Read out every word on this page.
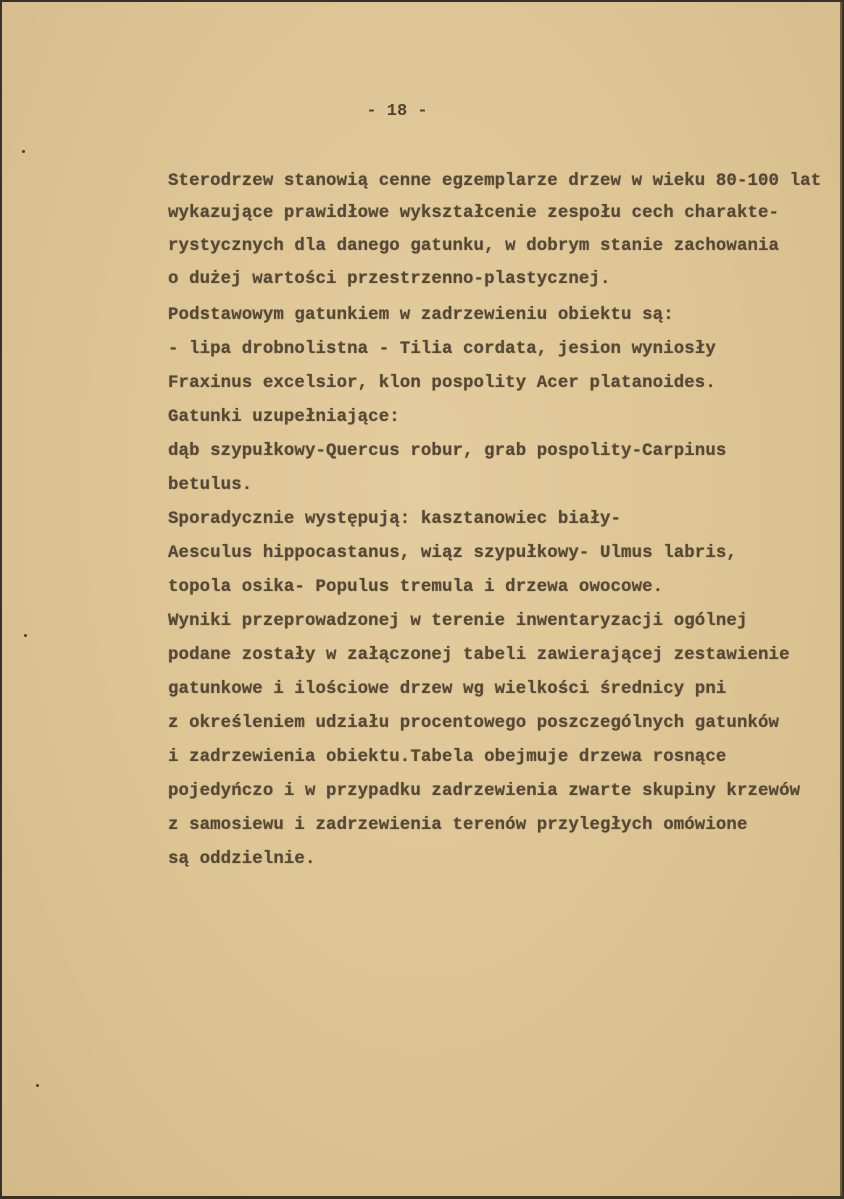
- 18 -
Sterodrzew stanowią cenne egzemplarze drzew w wieku 80-100 lat
wykazujące prawidłowe wykształcenie zespołu cech charakte-
rystycznych dla danego gatunku, w dobrym stanie zachowania
o dużej wartości przestrzenno-plastycznej.
Podstawowym gatunkiem w zadrzewieniu obiektu są:
- lipa drobnolistna - Tilia cordata, jesion wyniosły
Fraxinus excelsior, klon pospolity Acer platanoides.
Gatunki uzupełniające:
dąb szypułkowy-Quercus robur, grab pospolity-Carpinus
betulus.
Sporadycznie występują: kasztanowiec biały-
Aesculus hippocastanus, wiąz szypułkowy- Ulmus labris,
topola osika- Populus tremula i drzewa owocowe.
Wyniki przeprowadzonej w terenie inwentaryzacji ogólnej
podane zostały w załączonej tabeli zawierającej zestawienie
gatunkowe i ilościowe drzew wg wielkości średnicy pni
z określeniem udziału procentowego poszczególnych gatunków
i zadrzewienia obiektu.Tabela obejmuje drzewa rosnące
pojedyńczo i w przypadku zadrzewienia zwarte skupiny krzewów
z samosiewu i zadrzewienia terenów przyległych omówione
są oddzielnie.
